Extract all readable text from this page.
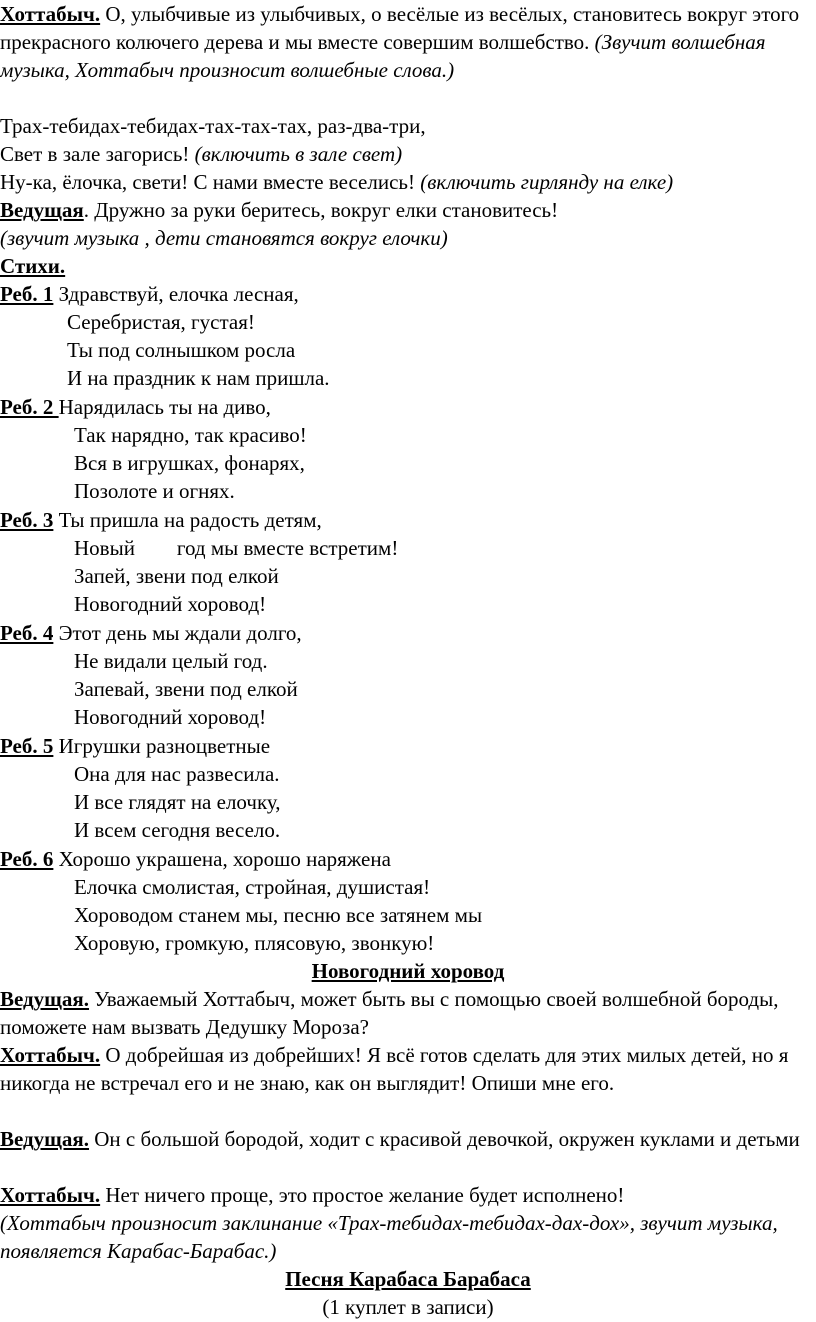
Хоттабыч. О, улыбчивые из улыбчивых, о весёлые из весёлых, становитесь вокруг этого прекрасного колючего дерева и мы вместе совершим волшебство. (Звучит волшебная музыка, Хоттабыч произносит волшебные слова.)
Трах-тебидах-тебидах-тах-тах-тах, раз-два-три,
Свет в зале загорись! (включить в зале свет)
Ну-ка, ёлочка, свети! С нами вместе веселись! (включить гирлянду на елке)
Ведущая. Дружно за руки беритесь, вокруг елки становитесь!
(звучит музыка , дети становятся вокруг елочки)
Стихи.
Реб. 1 Здравствуй, елочка лесная,
Серебристая, густая!
Ты под солнышком росла
И на праздник к нам пришла.
Реб. 2 Нарядилась ты на диво,
Так нарядно, так красиво!
Вся в игрушках, фонарях,
Позолоте и огнях.
Реб. 3 Ты пришла на радость детям,
Новый        год мы вместе встретим!
Запей, звени под елкой
Новогодний хоровод!
Реб. 4 Этот день мы ждали долго,
Не видали целый год.
Запевай, звени под елкой
Новогодний хоровод!
Реб. 5 Игрушки разноцветные
Она для нас развесила.
И все глядят на елочку,
И всем сегодня весело.
Реб. 6 Хорошо украшена, хорошо наряжена
Елочка смолистая, стройная, душистая!
Хороводом станем мы, песню все затянем мы
Хоровую, громкую, плясовую, звонкую!
Новогодний хоровод
Ведущая. Уважаемый Хоттабыч, может быть вы с помощью своей волшебной бороды, поможете нам вызвать Дедушку Мороза?
Хоттабыч. О добрейшая из добрейших! Я всё готов сделать для этих милых детей, но я никогда не встречал его и не знаю, как он выглядит! Опиши мне его.
Ведущая. Он с большой бородой, ходит с красивой девочкой, окружен куклами и детьми
Хоттабыч. Нет ничего проще, это простое желание будет исполнено!
(Хоттабыч произносит заклинание «Трах-тебидах-тебидах-дах-дох», звучит музыка, появляется Карабас-Барабас.)
Песня Карабаса Барабаса
(1 куплет в записи)
